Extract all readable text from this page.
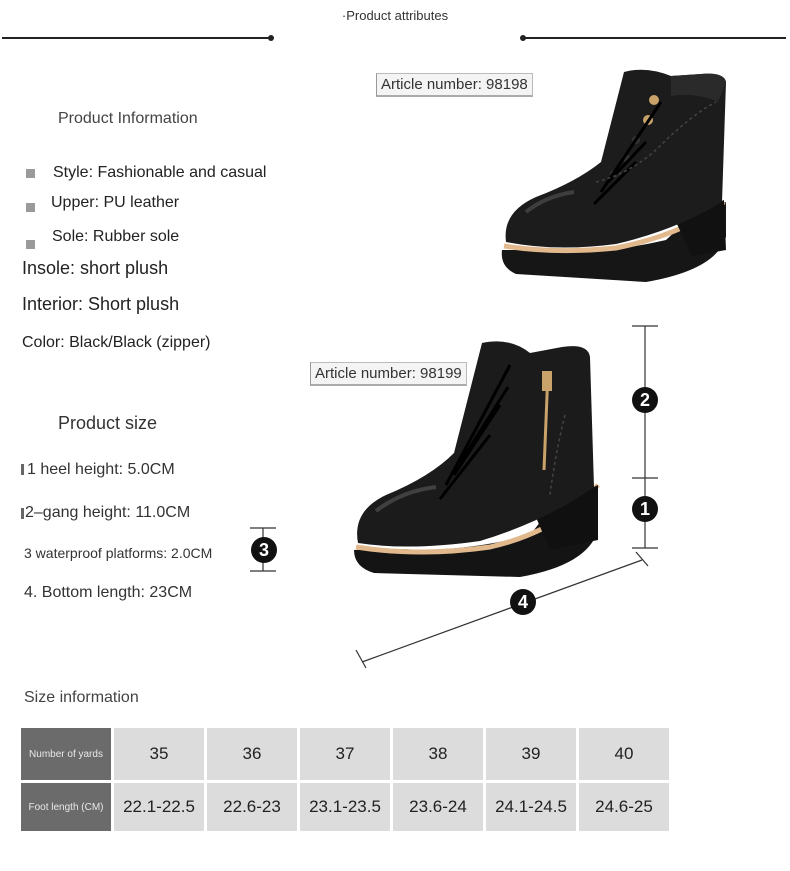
·Product attributes
Product Information
Style: Fashionable and casual
Upper: PU leather
Sole: Rubber sole
Insole: short plush
Interior: Short plush
Color: Black/Black (zipper)
Article number: 98198
Article number: 98199
Product size
1 heel height: 5.0CM
2–gang height: 11.0CM
3 waterproof platforms: 2.0CM
4. Bottom length: 23CM
3
2
1
4
Size information
Number of yards	35	36	37	38	39	40
Foot length (CM)	22.1-22.5	22.6-23	23.1-23.5	23.6-24	24.1-24.5	24.6-25
